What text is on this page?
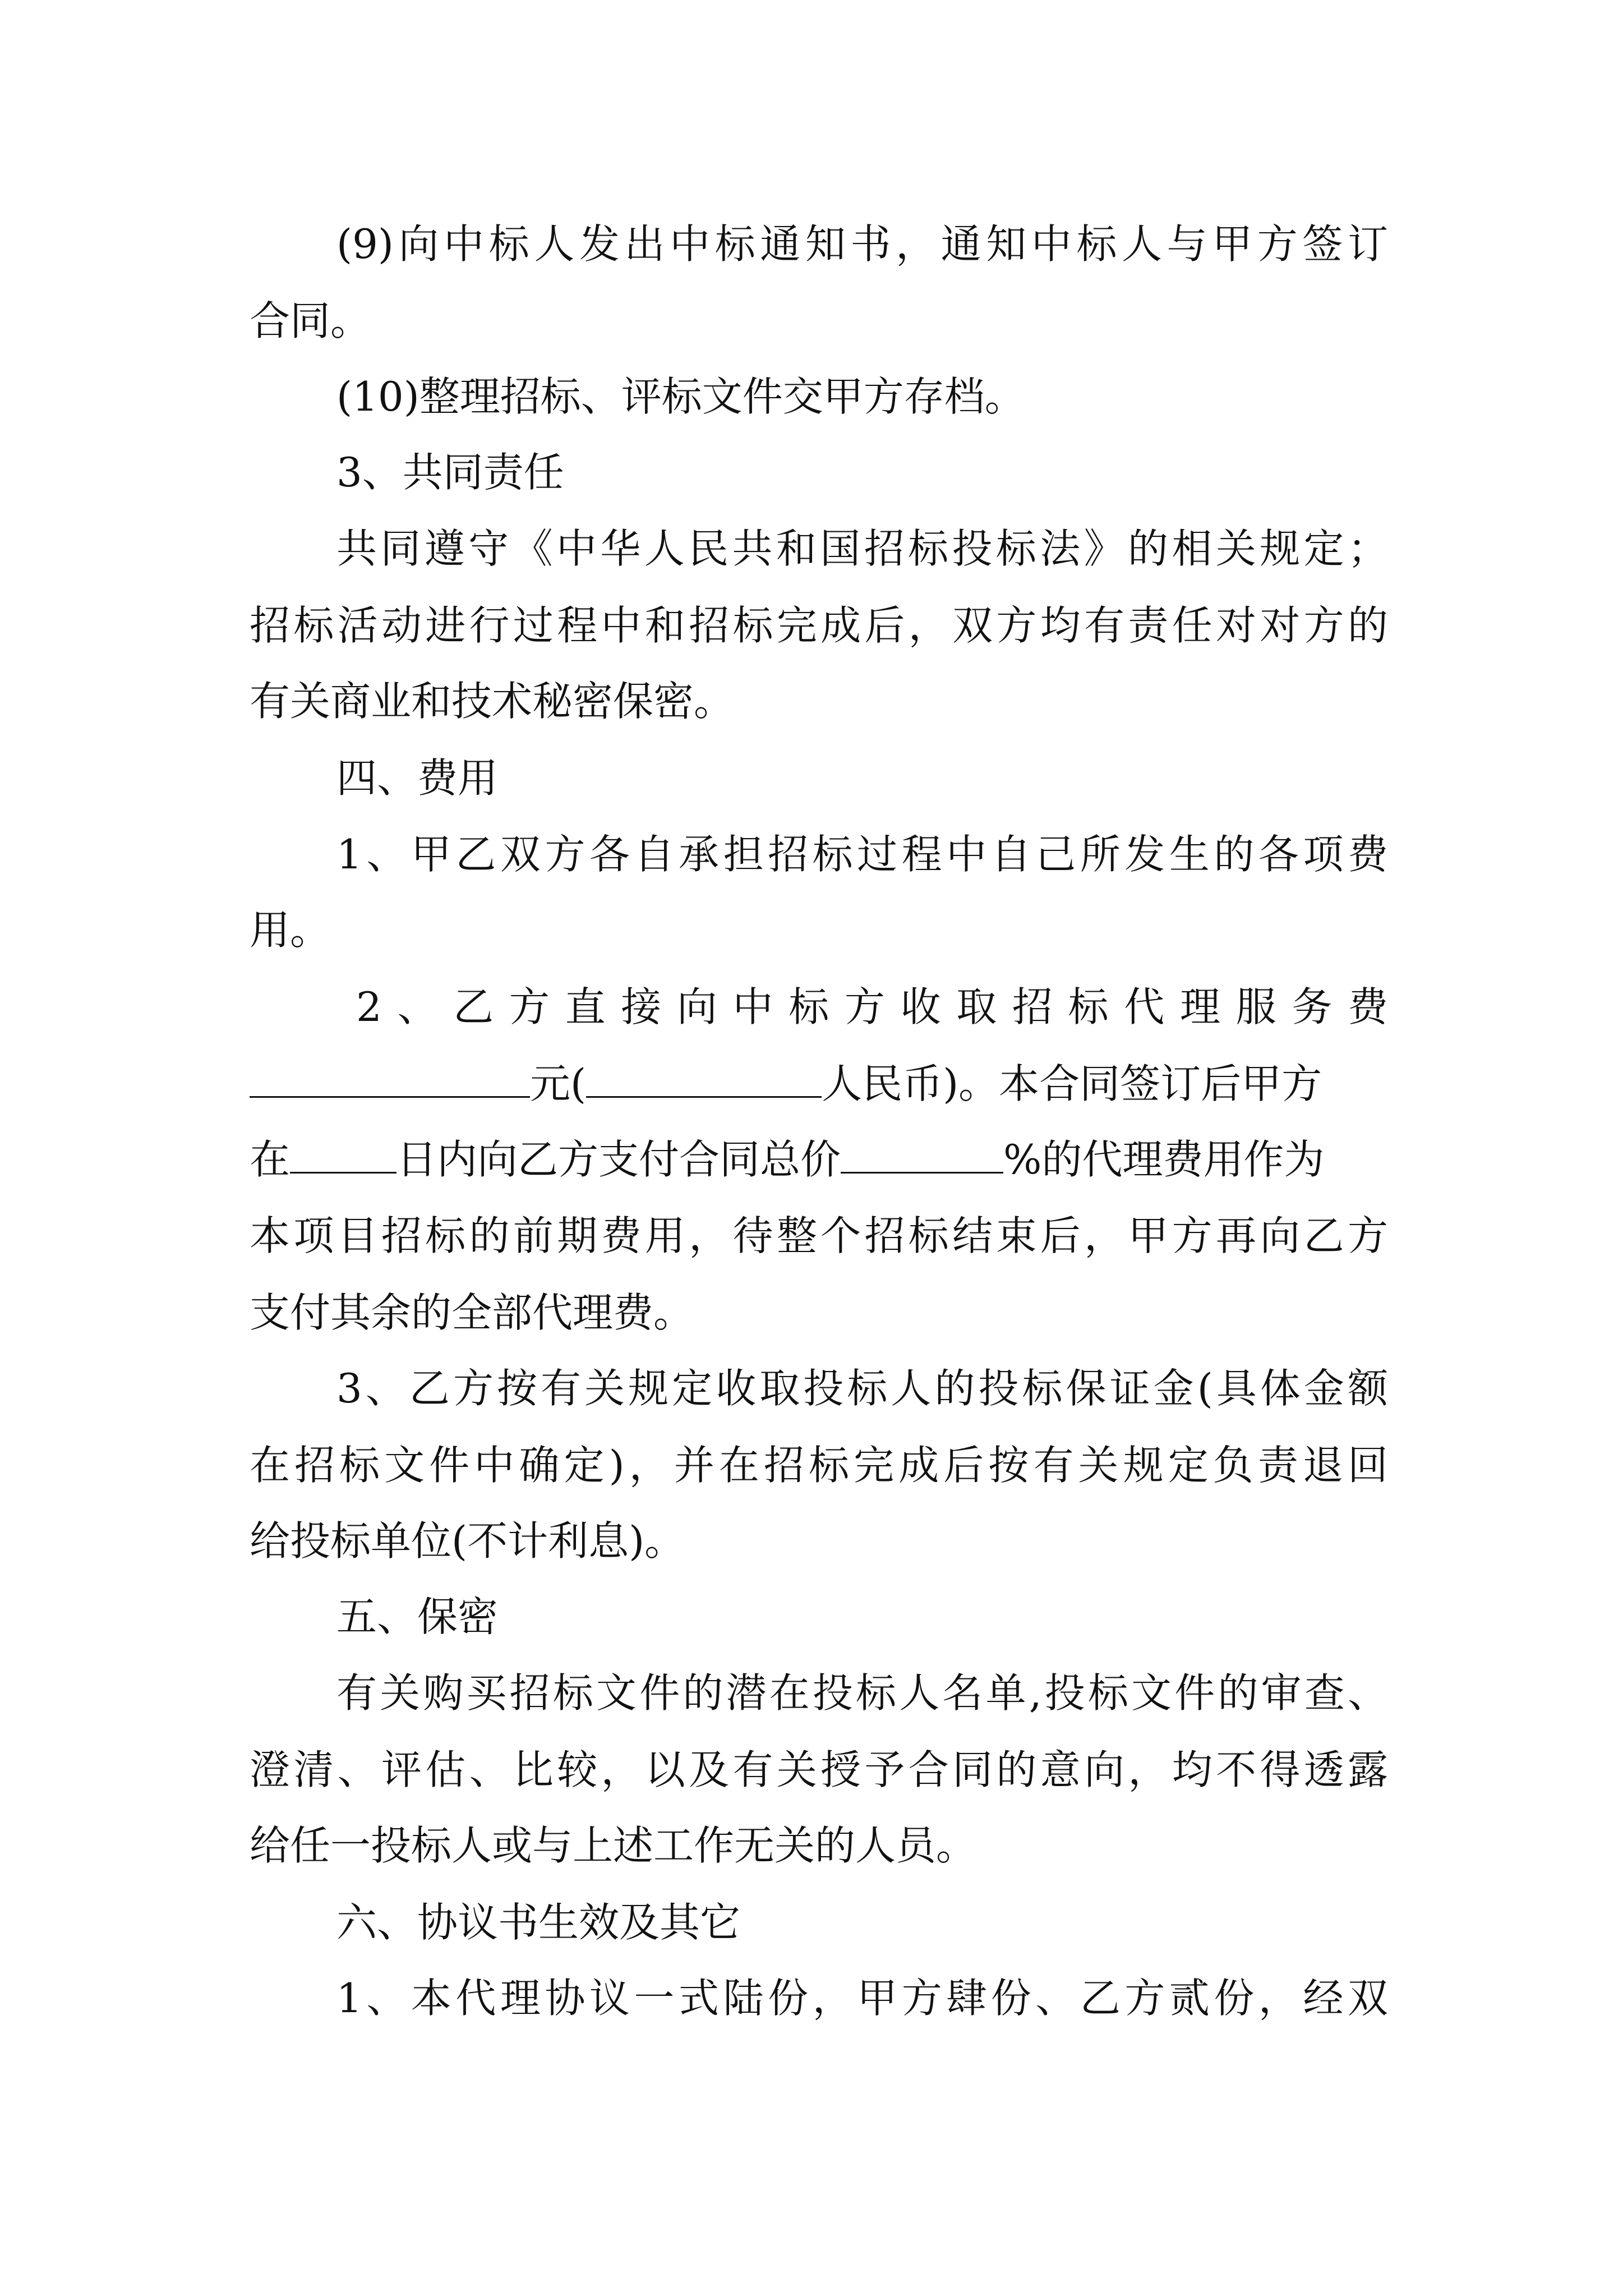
(9)向中标人发出中标通知书，通知中标人与甲方签订
合同。
(10)整理招标、评标文件交甲方存档。
3、共同责任
共同遵守《中华人民共和国招标投标法》的相关规定；
招标活动进行过程中和招标完成后，双方均有责任对对方的
有关商业和技术秘密保密。
四、费用
1、甲乙双方各自承担招标过程中自己所发生的各项费
用。
2、乙方直接向中标方收取招标代理服务费
元(	人民币)。本合同签订后甲方
在	日内向乙方支付合同总价	%的代理费用作为
本项目招标的前期费用，待整个招标结束后，甲方再向乙方
支付其余的全部代理费。
3、乙方按有关规定收取投标人的投标保证金(具体金额
在招标文件中确定)，并在招标完成后按有关规定负责退回
给投标单位(不计利息)。
五、保密
有关购买招标文件的潜在投标人名单,投标文件的审查、
澄清、评估、比较，以及有关授予合同的意向，均不得透露
给任一投标人或与上述工作无关的人员。
六、协议书生效及其它
1、本代理协议一式陆份，甲方肆份、乙方贰份，经双
